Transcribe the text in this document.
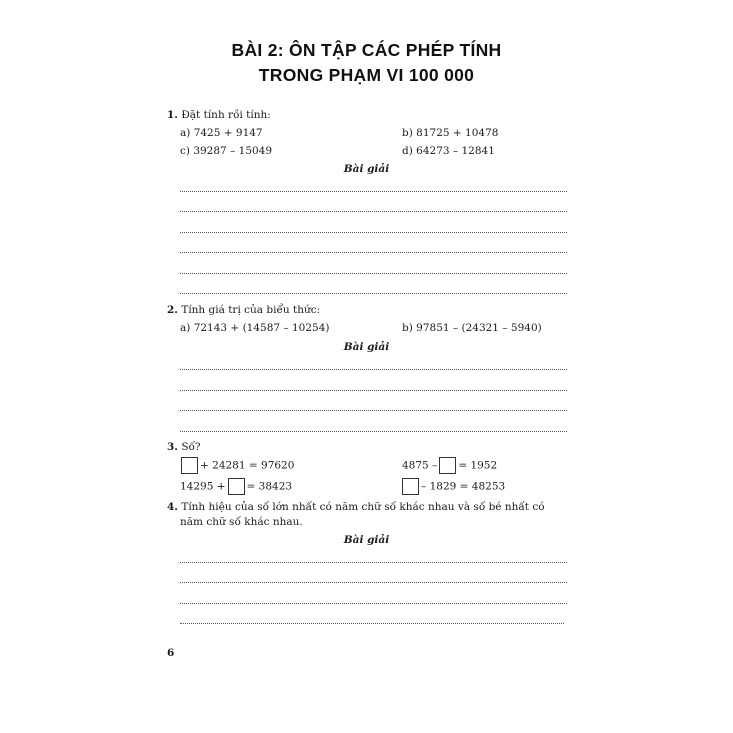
BÀI 2: ÔN TẬP CÁC PHÉP TÍNH
TRONG PHẠM VI 100 000
1. Đặt tính rồi tính:
a) 7425 + 9147	b) 81725 + 10478
c) 39287 – 15049	d) 64273 – 12841
Bài giải
2. Tính giá trị của biểu thức:
a) 72143 + (14587 – 10254)	b) 97851 – (24321 – 5940)
Bài giải
3. Số?
+ 24281 = 97620	4875 – = 1952
14295 + = 38423	– 1829 = 48253
4. Tính hiệu của số lớn nhất có năm chữ số khác nhau và số bé nhất có
năm chữ số khác nhau.
Bài giải
6
